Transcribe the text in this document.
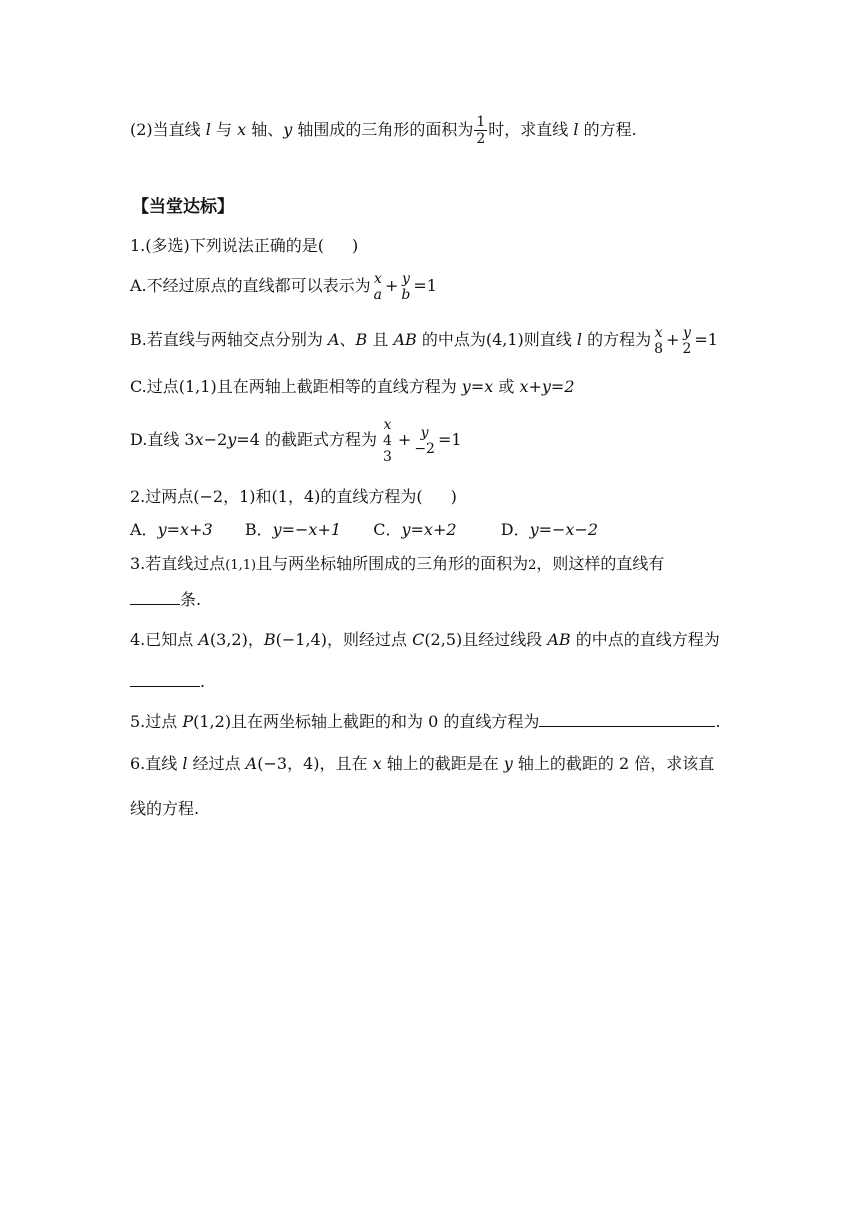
(2)当直线 l 与 x 轴、y 轴围成的三角形的面积为 $\frac{1}{2}$ 时，求直线 l 的方程.
【当堂达标】
1.(多选)下列说法正确的是( )
A.不经过原点的直线都可以表示为 x
a + y
b =1
B.若直线与两轴交点分别为 A、B 且 AB 的中点为(4,1)则直线 l 的方程为 x
8 + y
2 =1
C.过点(1,1)且在两轴上截距相等的直线方程为 y=x 或 x+y=2
D.直线 3x−2y=4 的截距式方程为
x
4
3
+ y
−2 =1
2.过两点(−2，1)和(1，4)的直线方程为( )
A．y=x+3 B．y=−x+1 C．y=x+2	D．y=−x−2
3.若直线过点(1,1)且与两坐标轴所围成的三角形的面积为2，则这样的直线有
条.
4.已知点 A(3,2)，B(−1,4)，则经过点 C(2,5)且经过线段 AB 的中点的直线方程为
.
5.过点 P(1,2)且在两坐标轴上截距的和为 0 的直线方程为	.
6.直线 l 经过点 A(−3，4)，且在 x 轴上的截距是在 y 轴上的截距的 2 倍，求该直
线的方程.
